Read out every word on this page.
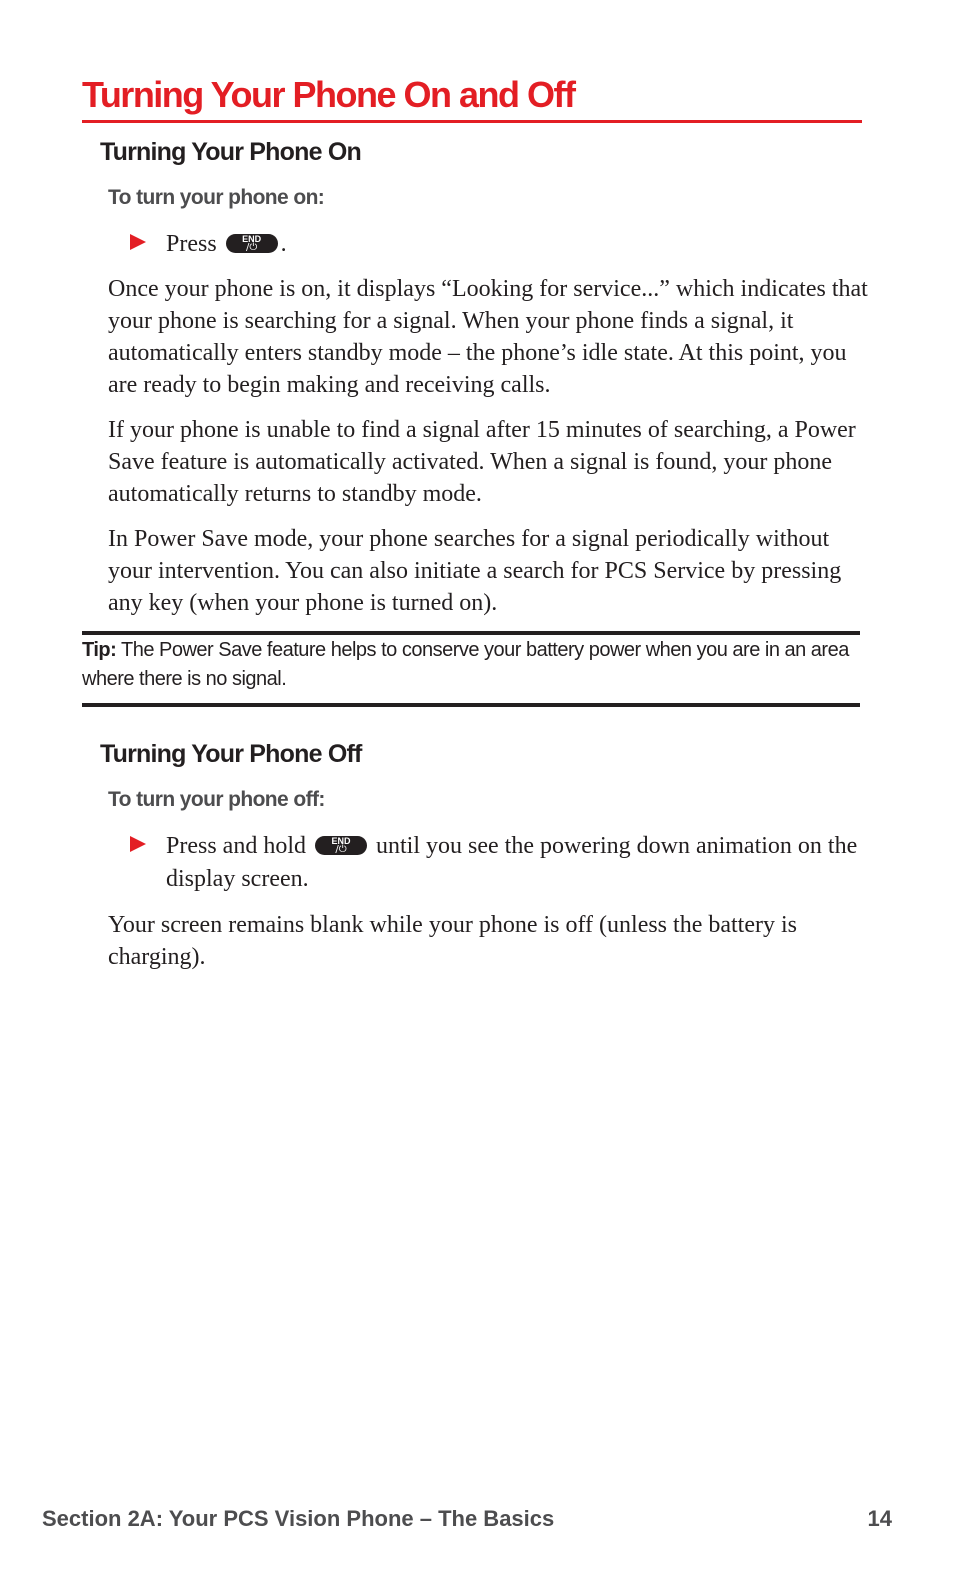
Turning Your Phone On and Off
Turning Your Phone On
To turn your phone on:
Press	END
/⏻ .

Once your phone is on, it displays “Looking for service...” which indicates that your phone is searching for a signal. When your phone finds a signal, it automatically enters standby mode – the phone’s idle state. At this point, you are ready to begin making and receiving calls.

If your phone is unable to find a signal after 15 minutes of searching, a Power Save feature is automatically activated. When a signal is found, your phone automatically returns to standby mode.

In Power Save mode, your phone searches for a signal periodically without your intervention. You can also initiate a search for PCS Service by pressing any key (when your phone is turned on).

Tip: The Power Save feature helps to conserve your battery power when you are in an area where there is no signal.
Turning Your Phone Off
To turn your phone off:
Press and hold	END
/⏻	until you see the powering down animation on the display screen.

Your screen remains blank while your phone is off (unless the battery is charging).

Section 2A: Your PCS Vision Phone – The Basics	14
